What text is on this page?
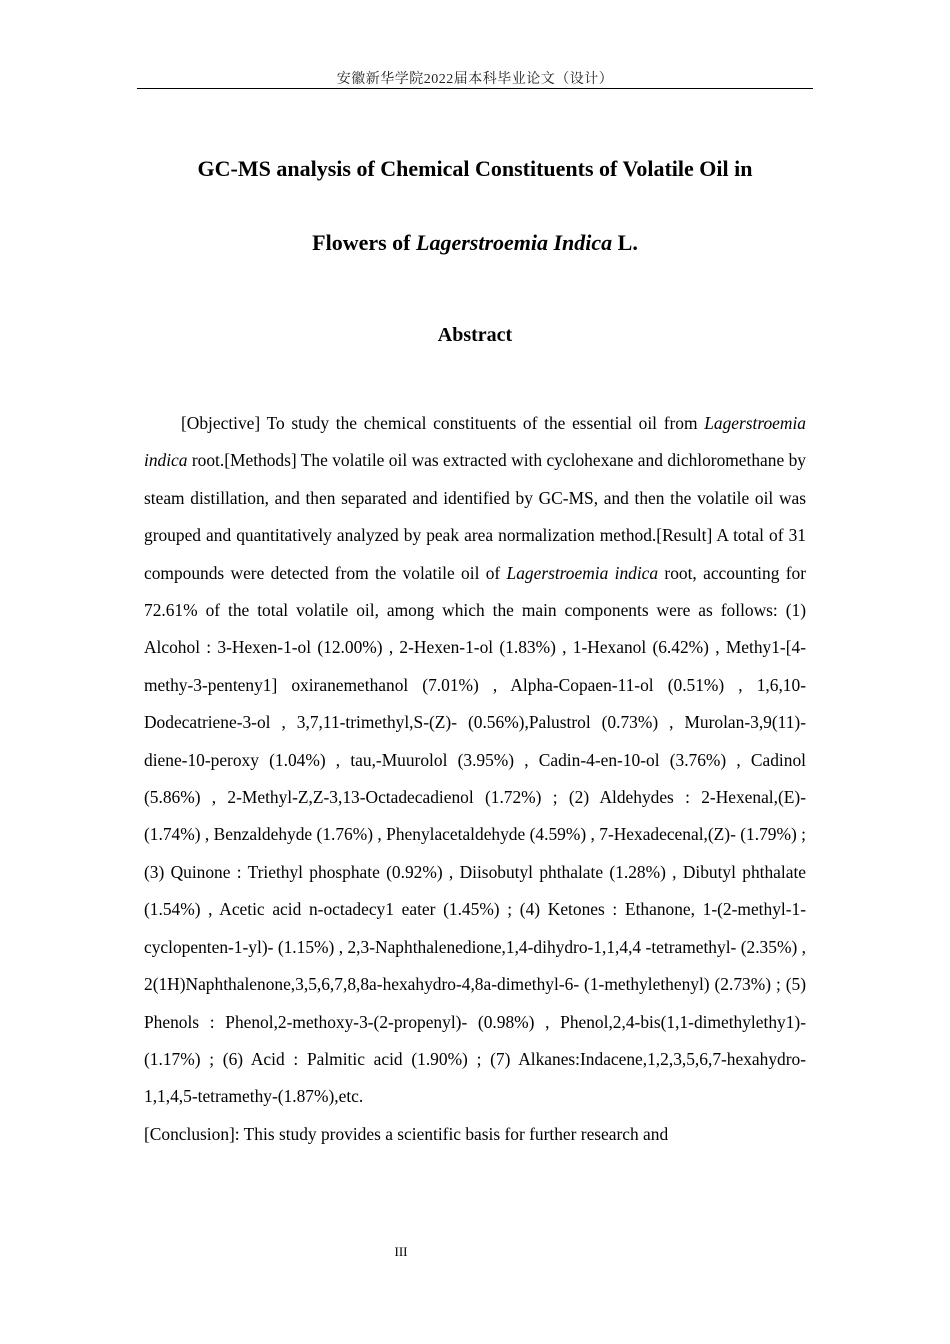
安徽新华学院2022届本科毕业论文（设计）
GC-MS analysis of Chemical Constituents of Volatile Oil in
Flowers of Lagerstroemia Indica L.
Abstract

[Objective] To study the chemical constituents of the essential oil from Lagerstroemia indica root.[Methods] The volatile oil was extracted with cyclohexane and dichloromethane by steam distillation, and then separated and identified by GC-MS, and then the volatile oil was grouped and quantitatively analyzed by peak area normalization method.[Result] A total of 31 compounds were detected from the volatile oil of Lagerstroemia indica root, accounting for 72.61% of the total volatile oil, among which the main components were as follows: (1) Alcohol : 3-Hexen-1-ol (12.00%) , 2-Hexen-1-ol (1.83%) , 1-Hexanol (6.42%) , Methy1-[4-methy-3-penteny1] oxiranemethanol (7.01%) , Alpha-Copaen-11-ol (0.51%) , 1,6,10-Dodecatriene-3-ol , 3,7,11-trimethyl,S-(Z)- (0.56%),Palustrol (0.73%) , Murolan-3,9(11)-diene-10-peroxy (1.04%) , tau,-Muurolol (3.95%) , Cadin-4-en-10-ol (3.76%) , Cadinol (5.86%) , 2-Methyl-Z,Z-3,13-Octadecadienol (1.72%) ; (2) Aldehydes : 2-Hexenal,(E)-(1.74%) , Benzaldehyde (1.76%) , Phenylacetaldehyde (4.59%) , 7-Hexadecenal,(Z)- (1.79%) ; (3) Quinone : Triethyl phosphate (0.92%) , Diisobutyl phthalate (1.28%) , Dibutyl phthalate (1.54%) , Acetic acid n-octadecy1 eater (1.45%) ; (4) Ketones : Ethanone, 1-(2-methyl-1-cyclopenten-1-yl)- (1.15%) , 2,3-Naphthalenedione,1,4-dihydro-1,1,4,4 -tetramethyl- (2.35%) , 2(1H)Naphthalenone,3,5,6,7,8,8a-hexahydro-4,8a-dimethyl-6- (1-methylethenyl) (2.73%) ; (5) Phenols : Phenol,2-methoxy-3-(2-propenyl)- (0.98%) , Phenol,2,4-bis(1,1-dimethylethy1)- (1.17%) ; (6) Acid : Palmitic acid (1.90%) ; (7) Alkanes:Indacene,1,2,3,5,6,7-hexahydro-1,1,4,5-tetramethy-(1.87%),etc.

[Conclusion]: This study provides a scientific basis for further research and

III
